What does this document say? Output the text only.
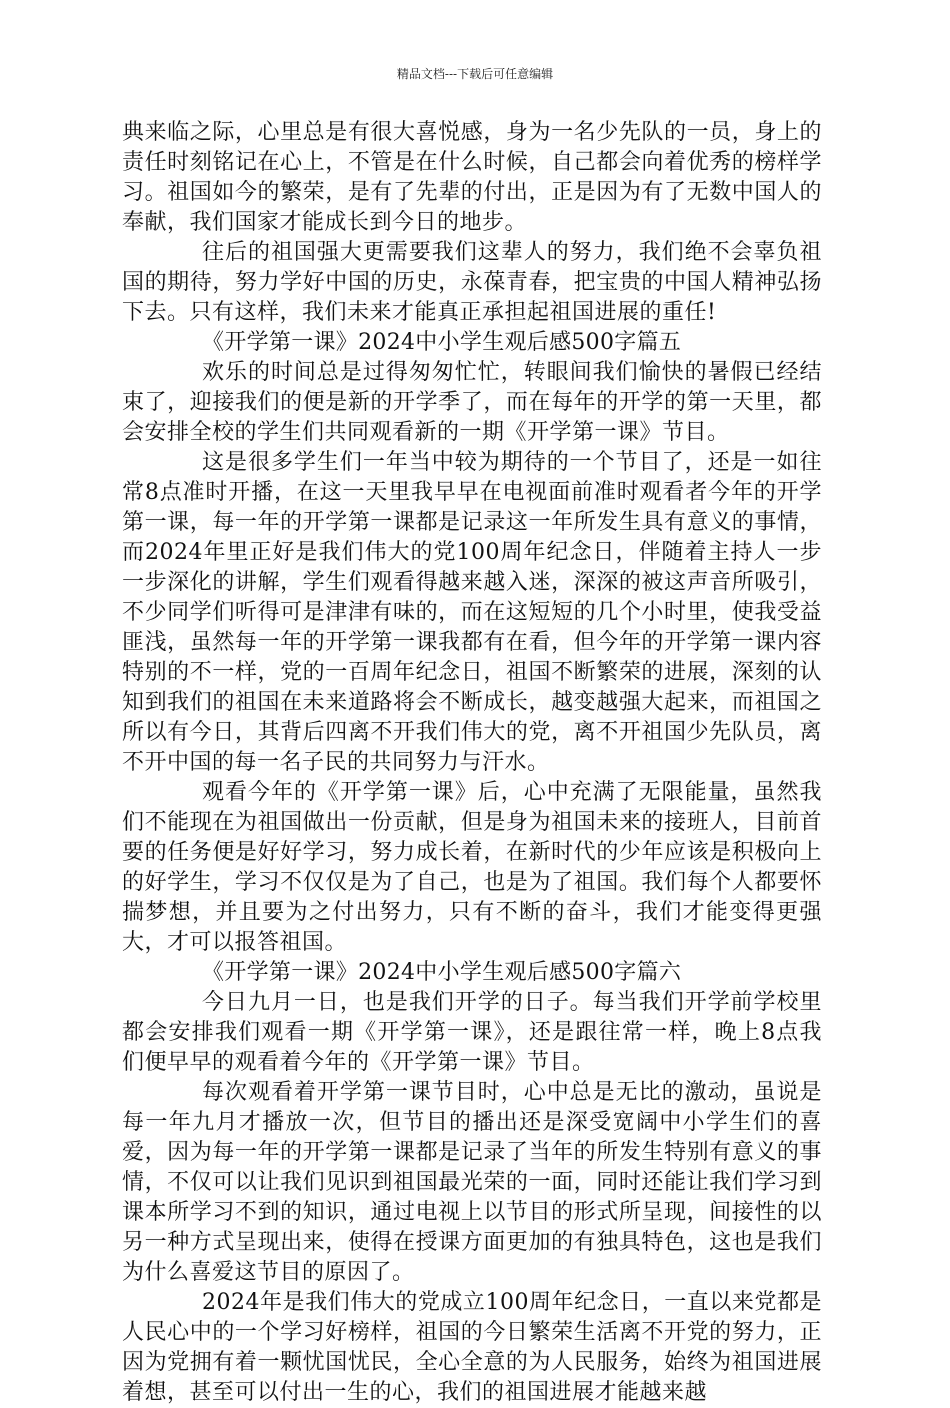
精品文档---下载后可任意编辑

典来临之际，心里总是有很大喜悦感，身为一名少先队的一员，身上的责任时刻铭记在心上，不管是在什么时候，自己都会向着优秀的榜样学习。祖国如今的繁荣，是有了先辈的付出，正是因为有了无数中国人的奉献，我们国家才能成长到今日的地步。

往后的祖国强大更需要我们这辈人的努力，我们绝不会辜负祖国的期待，努力学好中国的历史，永葆青春，把宝贵的中国人精神弘扬下去。只有这样，我们未来才能真正承担起祖国进展的重任!

《开学第一课》2024中小学生观后感500字篇五

欢乐的时间总是过得匆匆忙忙，转眼间我们愉快的暑假已经结束了，迎接我们的便是新的开学季了，而在每年的开学的第一天里，都会安排全校的学生们共同观看新的一期《开学第一课》节目。

这是很多学生们一年当中较为期待的一个节目了，还是一如往常8点准时开播，在这一天里我早早在电视面前准时观看者今年的开学第一课，每一年的开学第一课都是记录这一年所发生具有意义的事情，而2024年里正好是我们伟大的党100周年纪念日，伴随着主持人一步一步深化的讲解，学生们观看得越来越入迷，深深的被这声音所吸引，不少同学们听得可是津津有味的，而在这短短的几个小时里，使我受益匪浅，虽然每一年的开学第一课我都有在看，但今年的开学第一课内容特别的不一样，党的一百周年纪念日，祖国不断繁荣的进展，深刻的认知到我们的祖国在未来道路将会不断成长，越变越强大起来，而祖国之所以有今日，其背后四离不开我们伟大的党，离不开祖国少先队员，离不开中国的每一名子民的共同努力与汗水。

观看今年的《开学第一课》后，心中充满了无限能量，虽然我们不能现在为祖国做出一份贡献，但是身为祖国未来的接班人，目前首要的任务便是好好学习，努力成长着，在新时代的少年应该是积极向上的好学生，学习不仅仅是为了自己，也是为了祖国。我们每个人都要怀揣梦想，并且要为之付出努力，只有不断的奋斗，我们才能变得更强大，才可以报答祖国。

《开学第一课》2024中小学生观后感500字篇六

今日九月一日，也是我们开学的日子。每当我们开学前学校里都会安排我们观看一期《开学第一课》，还是跟往常一样，晚上8点我们便早早的观看着今年的《开学第一课》节目。

每次观看着开学第一课节目时，心中总是无比的激动，虽说是每一年九月才播放一次，但节目的播出还是深受宽阔中小学生们的喜爱，因为每一年的开学第一课都是记录了当年的所发生特别有意义的事情，不仅可以让我们见识到祖国最光荣的一面，同时还能让我们学习到课本所学习不到的知识，通过电视上以节目的形式所呈现，间接性的以另一种方式呈现出来，使得在授课方面更加的有独具特色，这也是我们为什么喜爱这节目的原因了。

2024年是我们伟大的党成立100周年纪念日，一直以来党都是人民心中的一个学习好榜样，祖国的今日繁荣生活离不开党的努力，正因为党拥有着一颗忧国忧民，全心全意的为人民服务，始终为祖国进展着想，甚至可以付出一生的心，我们的祖国进展才能越来越
